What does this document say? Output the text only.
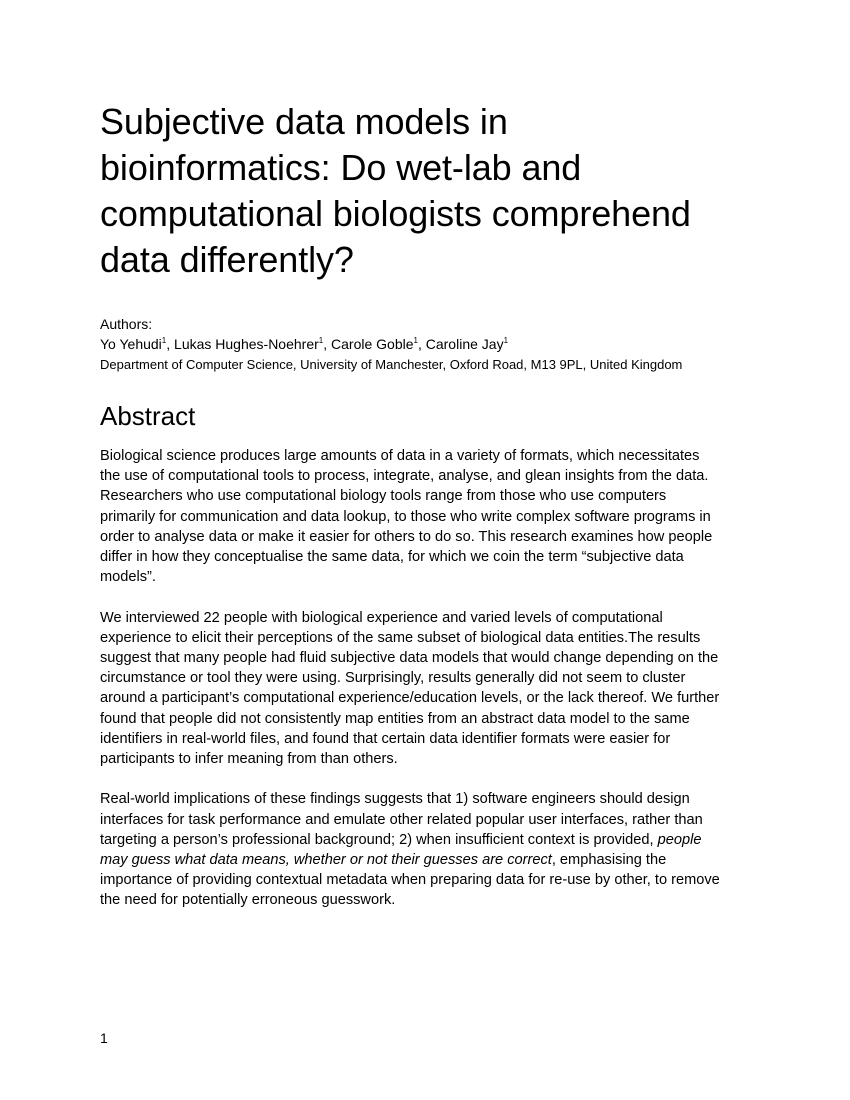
Subjective data models in
bioinformatics: Do wet-lab and
computational biologists comprehend
data differently?

Authors:

Yo Yehudi$^1$, Lukas Hughes-Noehrer$^1$, Carole Goble$^1$, Caroline Jay$^1$

Department of Computer Science, University of Manchester, Oxford Road, M13 9PL, United Kingdom

Abstract

Biological science produces large amounts of data in a variety of formats, which necessitates
the use of computational tools to process, integrate, analyse, and glean insights from the data.
Researchers who use computational biology tools range from those who use computers
primarily for communication and data lookup, to those who write complex software programs in
order to analyse data or make it easier for others to do so. This research examines how people
differ in how they conceptualise the same data, for which we coin the term “subjective data
models”.

We interviewed 22 people with biological experience and varied levels of computational
experience to elicit their perceptions of the same subset of biological data entities.The results
suggest that many people had fluid subjective data models that would change depending on the
circumstance or tool they were using. Surprisingly, results generally did not seem to cluster
around a participant’s computational experience/education levels, or the lack thereof. We further
found that people did not consistently map entities from an abstract data model to the same
identifiers in real-world files, and found that certain data identifier formats were easier for
participants to infer meaning from than others.

Real-world implications of these findings suggests that 1) software engineers should design
interfaces for task performance and emulate other related popular user interfaces, rather than
targeting a person’s professional background; 2) when insufficient context is provided, people
may guess what data means, whether or not their guesses are correct, emphasising the
importance of providing contextual metadata when preparing data for re-use by other, to remove
the need for potentially erroneous guesswork.

1
